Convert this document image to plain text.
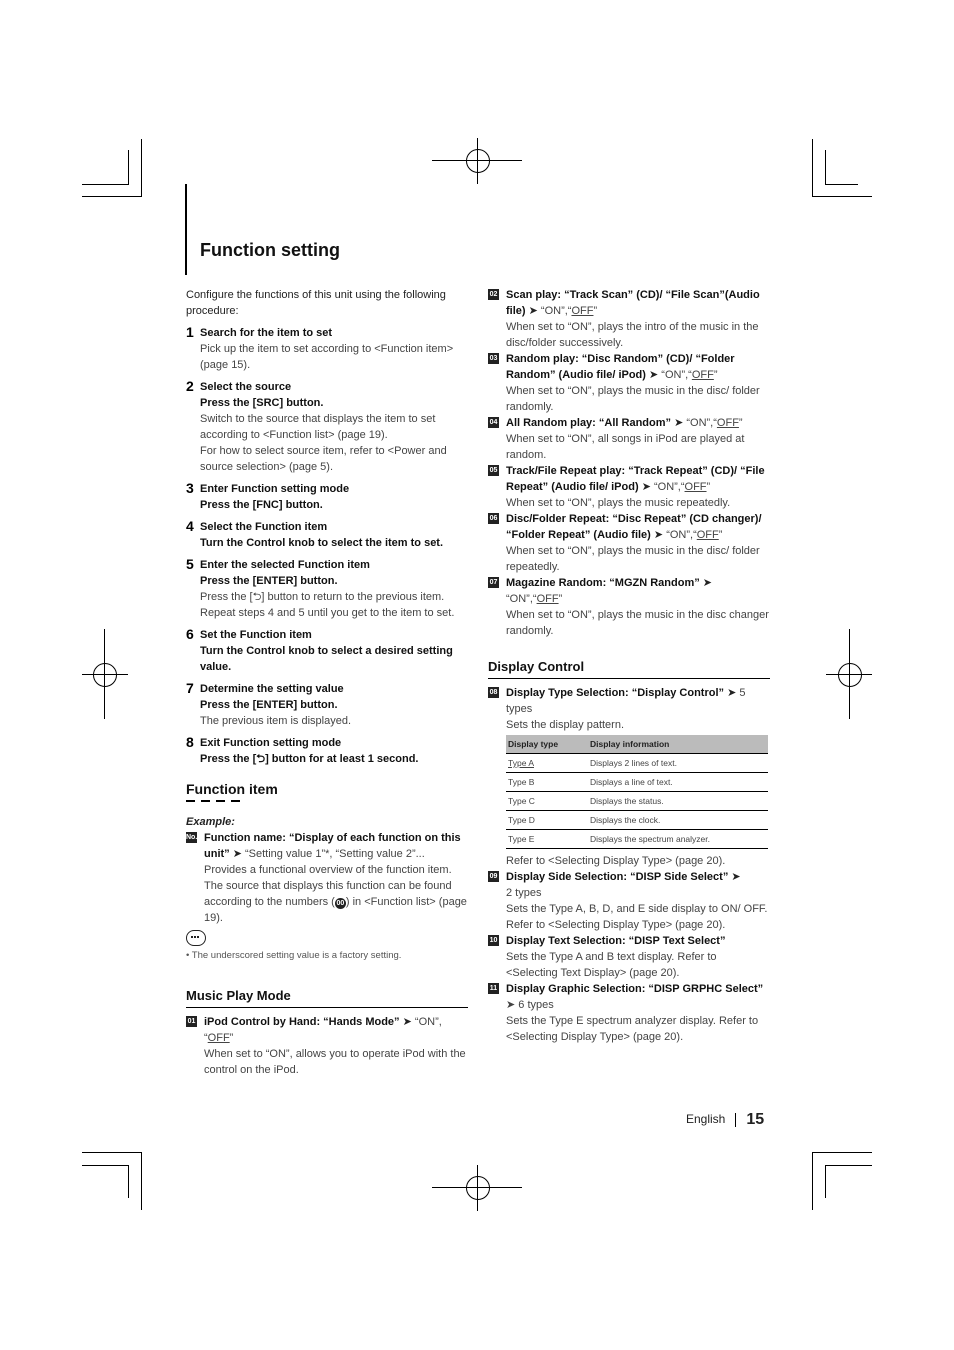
Function setting

Configure the functions of this unit using the following procedure:

1 Search for the item to set
Pick up the item to set according to <Function item> (page 15).
2 Select the source
Press the [SRC] button.
Switch to the source that displays the item to set according to <Function list> (page 19).
For how to select source item, refer to <Power and source selection> (page 5).
3 Enter Function setting mode
Press the [FNC] button.
4 Select the Function item
Turn the Control knob to select the item to set.
5 Enter the selected Function item
Press the [ENTER] button.
Press the [⮌] button to return to the previous item.
Repeat steps 4 and 5 until you get to the item to set.
6 Set the Function item
Turn the Control knob to select a desired setting value.
7 Determine the setting value
Press the [ENTER] button.
The previous item is displayed.
8 Exit Function setting mode
Press the [⮌] button for at least 1 second.
Function item
Example:
No. Function name: “Display of each function on this unit” ➤ “Setting value 1”*, “Setting value 2”...
Provides a functional overview of the function item. The source that displays this function can be found according to the numbers ( 00 ) in <Function list> (page 19).
• The underscored setting value is a factory setting.
Music Play Mode
01 iPod Control by Hand: “Hands Mode” ➤ “ON”, “OFF”
When set to “ON”, allows you to operate iPod with the control on the iPod.
02 Scan play: “Track Scan” (CD)/ “File Scan”(Audio file) ➤ “ON”,“OFF”
When set to “ON”, plays the intro of the music in the disc/folder successively.
03 Random play: “Disc Random” (CD)/ “Folder Random” (Audio file/ iPod) ➤ “ON”,“OFF”
When set to “ON”, plays the music in the disc/ folder randomly.
04 All Random play: “All Random” ➤ “ON”,“OFF”
When set to “ON”, all songs in iPod are played at random.
05 Track/File Repeat play: “Track Repeat” (CD)/ “File Repeat” (Audio file/ iPod) ➤ “ON”,“OFF”
When set to “ON”, plays the music repeatedly.
06 Disc/Folder Repeat: “Disc Repeat” (CD changer)/ “Folder Repeat” (Audio file) ➤ “ON”,“OFF”
When set to “ON”, plays the music in the disc/ folder repeatedly.
07 Magazine Random: “MGZN Random” ➤ “ON”,“OFF”
When set to “ON”, plays the music in the disc changer randomly.
Display Control
08 Display Type Selection: “Display Control” ➤ 5 types
Sets the display pattern.
Display type	Display information
Type A	Displays 2 lines of text.
Type B	Displays a line of text.
Type C	Displays the status.
Type D	Displays the clock.
Type E	Displays the spectrum analyzer.
Refer to <Selecting Display Type> (page 20).
09 Display Side Selection: “DISP Side Select” ➤
2 types
Sets the Type A, B, D, and E side display to ON/ OFF. Refer to <Selecting Display Type> (page 20).
10 Display Text Selection: “DISP Text Select”
Sets the Type A and B text display. Refer to <Selecting Text Display> (page 20).
11 Display Graphic Selection: “DISP GRPHC Select”
➤ 6 types
Sets the Type E spectrum analyzer display. Refer to <Selecting Display Type> (page 20).
English 15
